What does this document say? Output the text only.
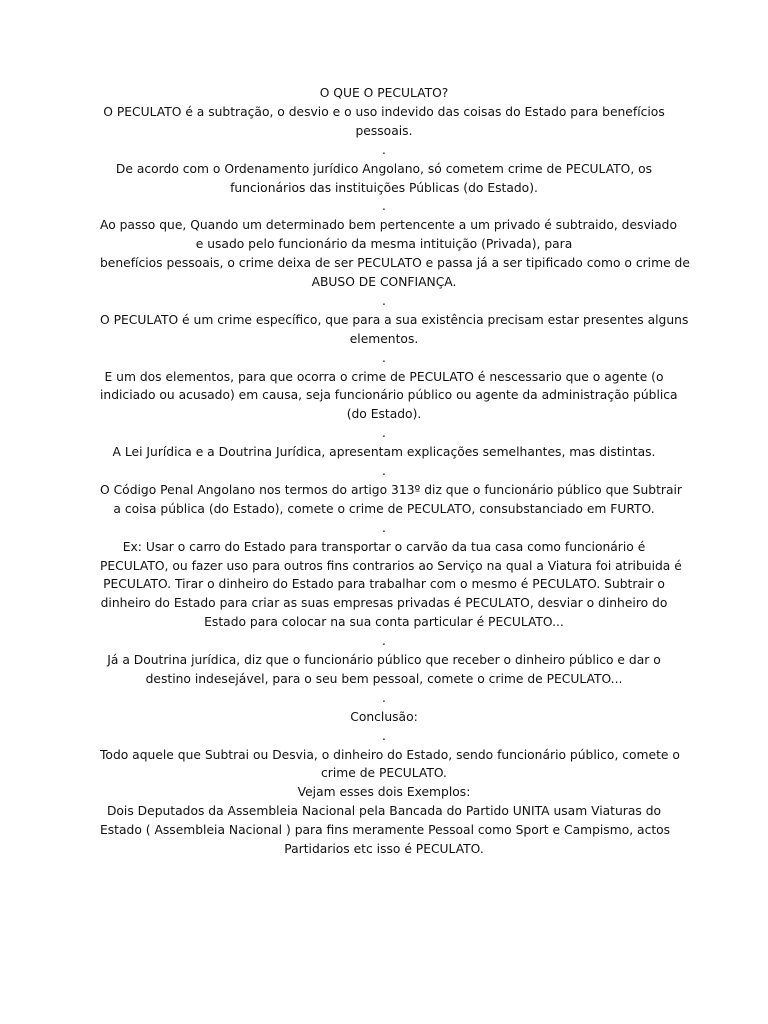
O QUE O PECULATO?
O PECULATO é a subtração, o desvio e o uso indevido das coisas do Estado para benefícios
pessoais.
.
De acordo com o Ordenamento jurídico Angolano, só cometem crime de PECULATO, os
funcionários das instituições Públicas (do Estado).
.
Ao passo que, Quando um determinado bem pertencente a um privado é subtraido, desviado
e usado pelo funcionário da mesma intituição (Privada), para
benefícios pessoais, o crime deixa de ser PECULATO e passa já a ser tipificado como o crime de
ABUSO DE CONFIANÇA.
.
O PECULATO é um crime específico, que para a sua existência precisam estar presentes alguns
elementos.
.
E um dos elementos, para que ocorra o crime de PECULATO é nescessario que o agente (o
indiciado ou acusado) em causa, seja funcionário público ou agente da administração pública
(do Estado).
.
A Lei Jurídica e a Doutrina Jurídica, apresentam explicações semelhantes, mas distintas.
.
O Código Penal Angolano nos termos do artigo 313º diz que o funcionário público que Subtrair
a coisa pública (do Estado), comete o crime de PECULATO, consubstanciado em FURTO.
.
Ex: Usar o carro do Estado para transportar o carvão da tua casa como funcionário é
PECULATO, ou fazer uso para outros fins contrarios ao Serviço na qual a Viatura foi atribuida é
PECULATO. Tirar o dinheiro do Estado para trabalhar com o mesmo é PECULATO. Subtrair o
dinheiro do Estado para criar as suas empresas privadas é PECULATO, desviar o dinheiro do
Estado para colocar na sua conta particular é PECULATO...
.
Já a Doutrina jurídica, diz que o funcionário público que receber o dinheiro público e dar o
destino indesejável, para o seu bem pessoal, comete o crime de PECULATO...
.
Conclusão:
.
Todo aquele que Subtrai ou Desvia, o dinheiro do Estado, sendo funcionário público, comete o
crime de PECULATO.
Vejam esses dois Exemplos:
Dois Deputados da Assembleia Nacional pela Bancada do Partido UNITA usam Viaturas do
Estado ( Assembleia Nacional ) para fins meramente Pessoal como Sport e Campismo, actos
Partidarios etc isso é PECULATO.
